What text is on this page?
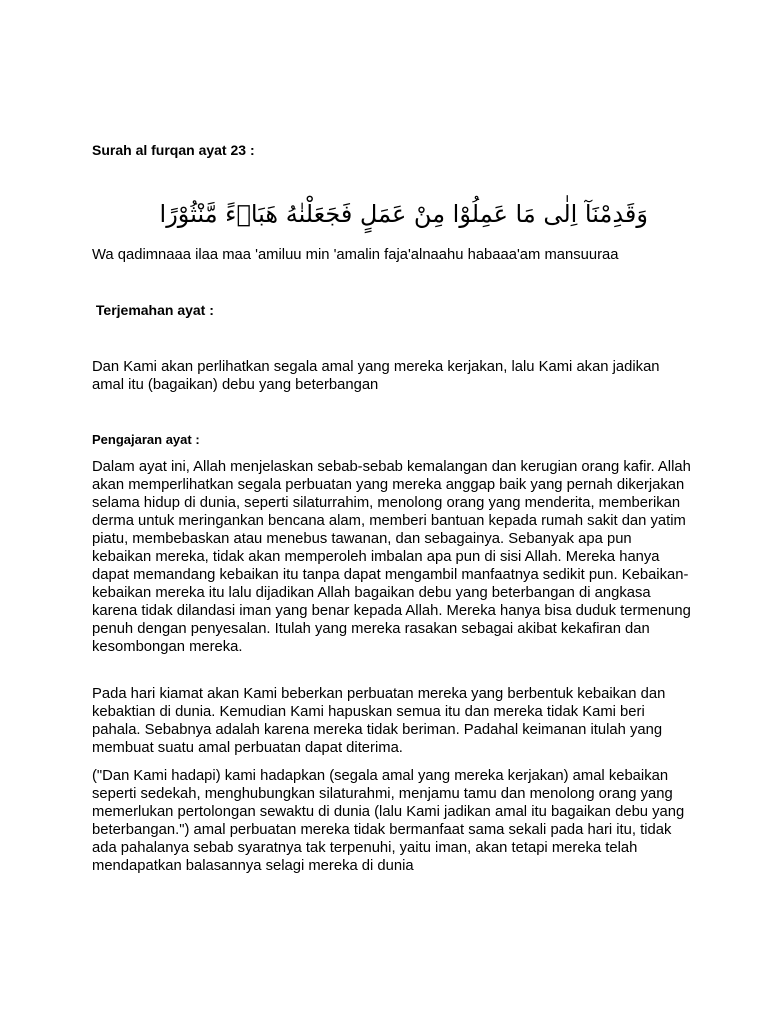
Surah al furqan ayat 23 :

وَقَدِمْنَآ اِلٰى مَا عَمِلُوْا مِنْ عَمَلٍ فَجَعَلْنٰهُ هَبَاۤءً مَّنْثُوْرًا

Wa qadimnaaa ilaa maa 'amiluu min 'amalin faja'alnaahu habaaa'am mansuuraa

Terjemahan ayat :

Dan Kami akan perlihatkan segala amal yang mereka kerjakan, lalu Kami akan jadikan amal itu (bagaikan) debu yang beterbangan

Pengajaran ayat :

Dalam ayat ini, Allah menjelaskan sebab-sebab kemalangan dan kerugian orang kafir. Allah akan memperlihatkan segala perbuatan yang mereka anggap baik yang pernah dikerjakan selama hidup di dunia, seperti silaturrahim, menolong orang yang menderita, memberikan derma untuk meringankan bencana alam, memberi bantuan kepada rumah sakit dan yatim piatu, membebaskan atau menebus tawanan, dan sebagainya. Sebanyak apa pun kebaikan mereka, tidak akan memperoleh imbalan apa pun di sisi Allah. Mereka hanya dapat memandang kebaikan itu tanpa dapat mengambil manfaatnya sedikit pun. Kebaikan-kebaikan mereka itu lalu dijadikan Allah bagaikan debu yang beterbangan di angkasa karena tidak dilandasi iman yang benar kepada Allah. Mereka hanya bisa duduk termenung penuh dengan penyesalan. Itulah yang mereka rasakan sebagai akibat kekafiran dan kesombongan mereka.

Pada hari kiamat akan Kami beberkan perbuatan mereka yang berbentuk kebaikan dan kebaktian di dunia. Kemudian Kami hapuskan semua itu dan mereka tidak Kami beri pahala. Sebabnya adalah karena mereka tidak beriman. Padahal keimanan itulah yang membuat suatu amal perbuatan dapat diterima.

("Dan Kami hadapi) kami hadapkan (segala amal yang mereka kerjakan) amal kebaikan seperti sedekah, menghubungkan silaturahmi, menjamu tamu dan menolong orang yang memerlukan pertolongan sewaktu di dunia (lalu Kami jadikan amal itu bagaikan debu yang beterbangan.") amal perbuatan mereka tidak bermanfaat sama sekali pada hari itu, tidak ada pahalanya sebab syaratnya tak terpenuhi, yaitu iman, akan tetapi mereka telah mendapatkan balasannya selagi mereka di dunia
